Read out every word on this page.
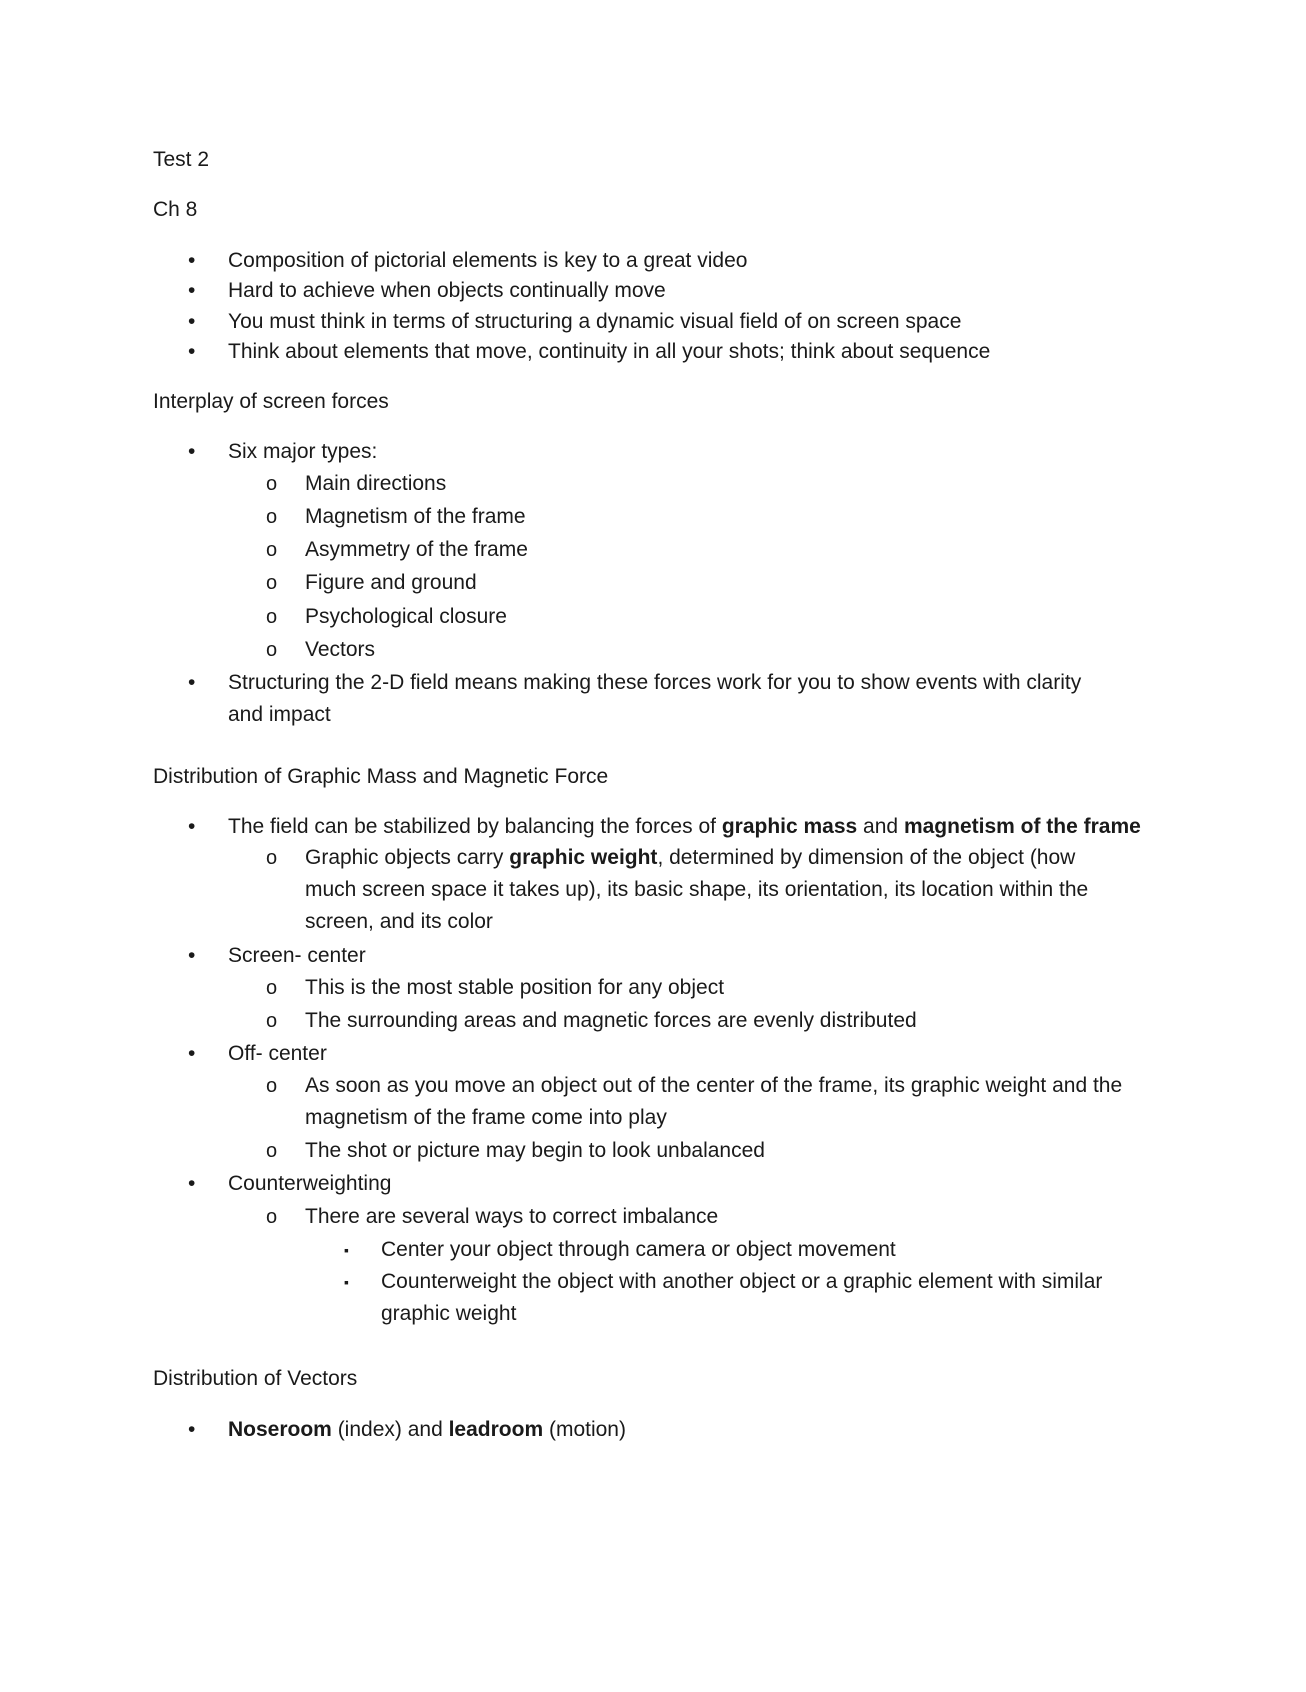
Test 2

Ch 8

• Composition of pictorial elements is key to a great video
• Hard to achieve when objects continually move
• You must think in terms of structuring a dynamic visual field of on screen space
• Think about elements that move, continuity in all your shots; think about sequence

Interplay of screen forces

• Six major types:
o Main directions
o Magnetism of the frame
o Asymmetry of the frame
o Figure and ground
o Psychological closure
o Vectors
• Structuring the 2-D field means making these forces work for you to show events with clarity
and impact

Distribution of Graphic Mass and Magnetic Force

• The field can be stabilized by balancing the forces of graphic mass and magnetism of the frame
o Graphic objects carry graphic weight, determined by dimension of the object (how
much screen space it takes up), its basic shape, its orientation, its location within the
screen, and its color
• Screen- center
o This is the most stable position for any object
o The surrounding areas and magnetic forces are evenly distributed
• Off- center
o As soon as you move an object out of the center of the frame, its graphic weight and the
magnetism of the frame come into play
o The shot or picture may begin to look unbalanced
• Counterweighting
o There are several ways to correct imbalance
▪ Center your object through camera or object movement
▪ Counterweight the object with another object or a graphic element with similar
graphic weight

Distribution of Vectors

• Noseroom (index) and leadroom (motion)
